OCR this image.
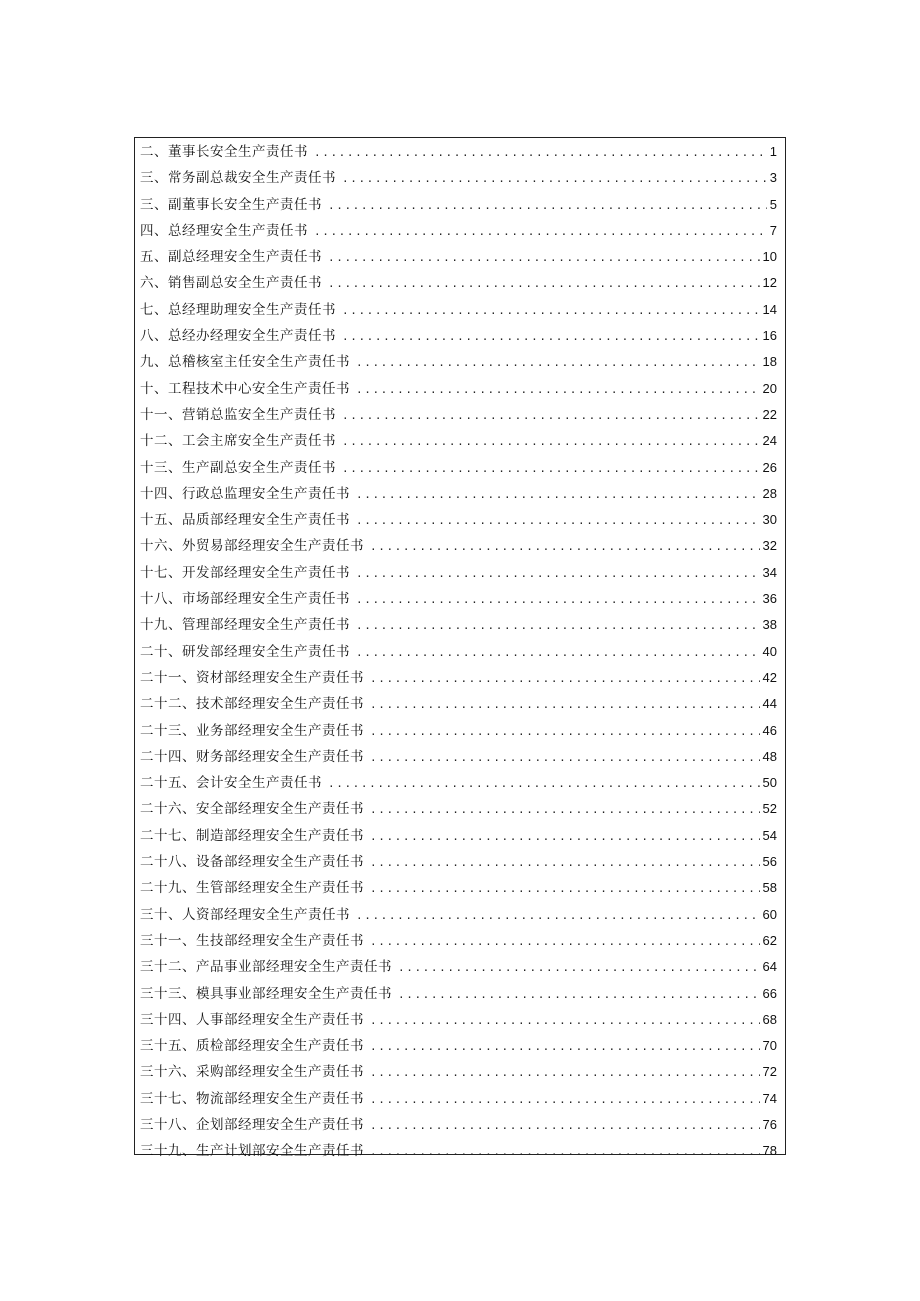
二、董事长安全生产责任书 .....	1
三、常务副总裁安全生产责任书 .....	3
三、副董事长安全生产责任书 .....	5
四、总经理安全生产责任书 .....	7
五、副总经理安全生产责任书 .....	10
六、销售副总安全生产责任书 .....	12
七、总经理助理安全生产责任书 .....	14
八、总经办经理安全生产责任书 .....	16
九、总稽核室主任安全生产责任书 .....	18
十、工程技术中心安全生产责任书 .....	20
十一、营销总监安全生产责任书 .....	22
十二、工会主席安全生产责任书 .....	24
十三、生产副总安全生产责任书 .....	26
十四、行政总监理安全生产责任书 .....	28
十五、品质部经理安全生产责任书 .....	30
十六、外贸易部经理安全生产责任书 .....	32
十七、开发部经理安全生产责任书 .....	34
十八、市场部经理安全生产责任书 .....	36
十九、管理部经理安全生产责任书 .....	38
二十、研发部经理安全生产责任书 .....	40
二十一、资材部经理安全生产责任书 .....	42
二十二、技术部经理安全生产责任书 .....	44
二十三、业务部经理安全生产责任书 .....	46
二十四、财务部经理安全生产责任书 .....	48
二十五、会计安全生产责任书 .....	50
二十六、安全部经理安全生产责任书 .....	52
二十七、制造部经理安全生产责任书 .....	54
二十八、设备部经理安全生产责任书 .....	56
二十九、生管部经理安全生产责任书 .....	58
三十、人资部经理安全生产责任书 .....	60
三十一、生技部经理安全生产责任书 .....	62
三十二、产品事业部经理安全生产责任书 .....	64
三十三、模具事业部经理安全生产责任书 .....	66
三十四、人事部经理安全生产责任书 .....	68
三十五、质检部经理安全生产责任书 .....	70
三十六、采购部经理安全生产责任书 .....	72
三十七、物流部经理安全生产责任书 .....	74
三十八、企划部经理安全生产责任书 .....	76
三十九、生产计划部安全生产责任书 .....	78
